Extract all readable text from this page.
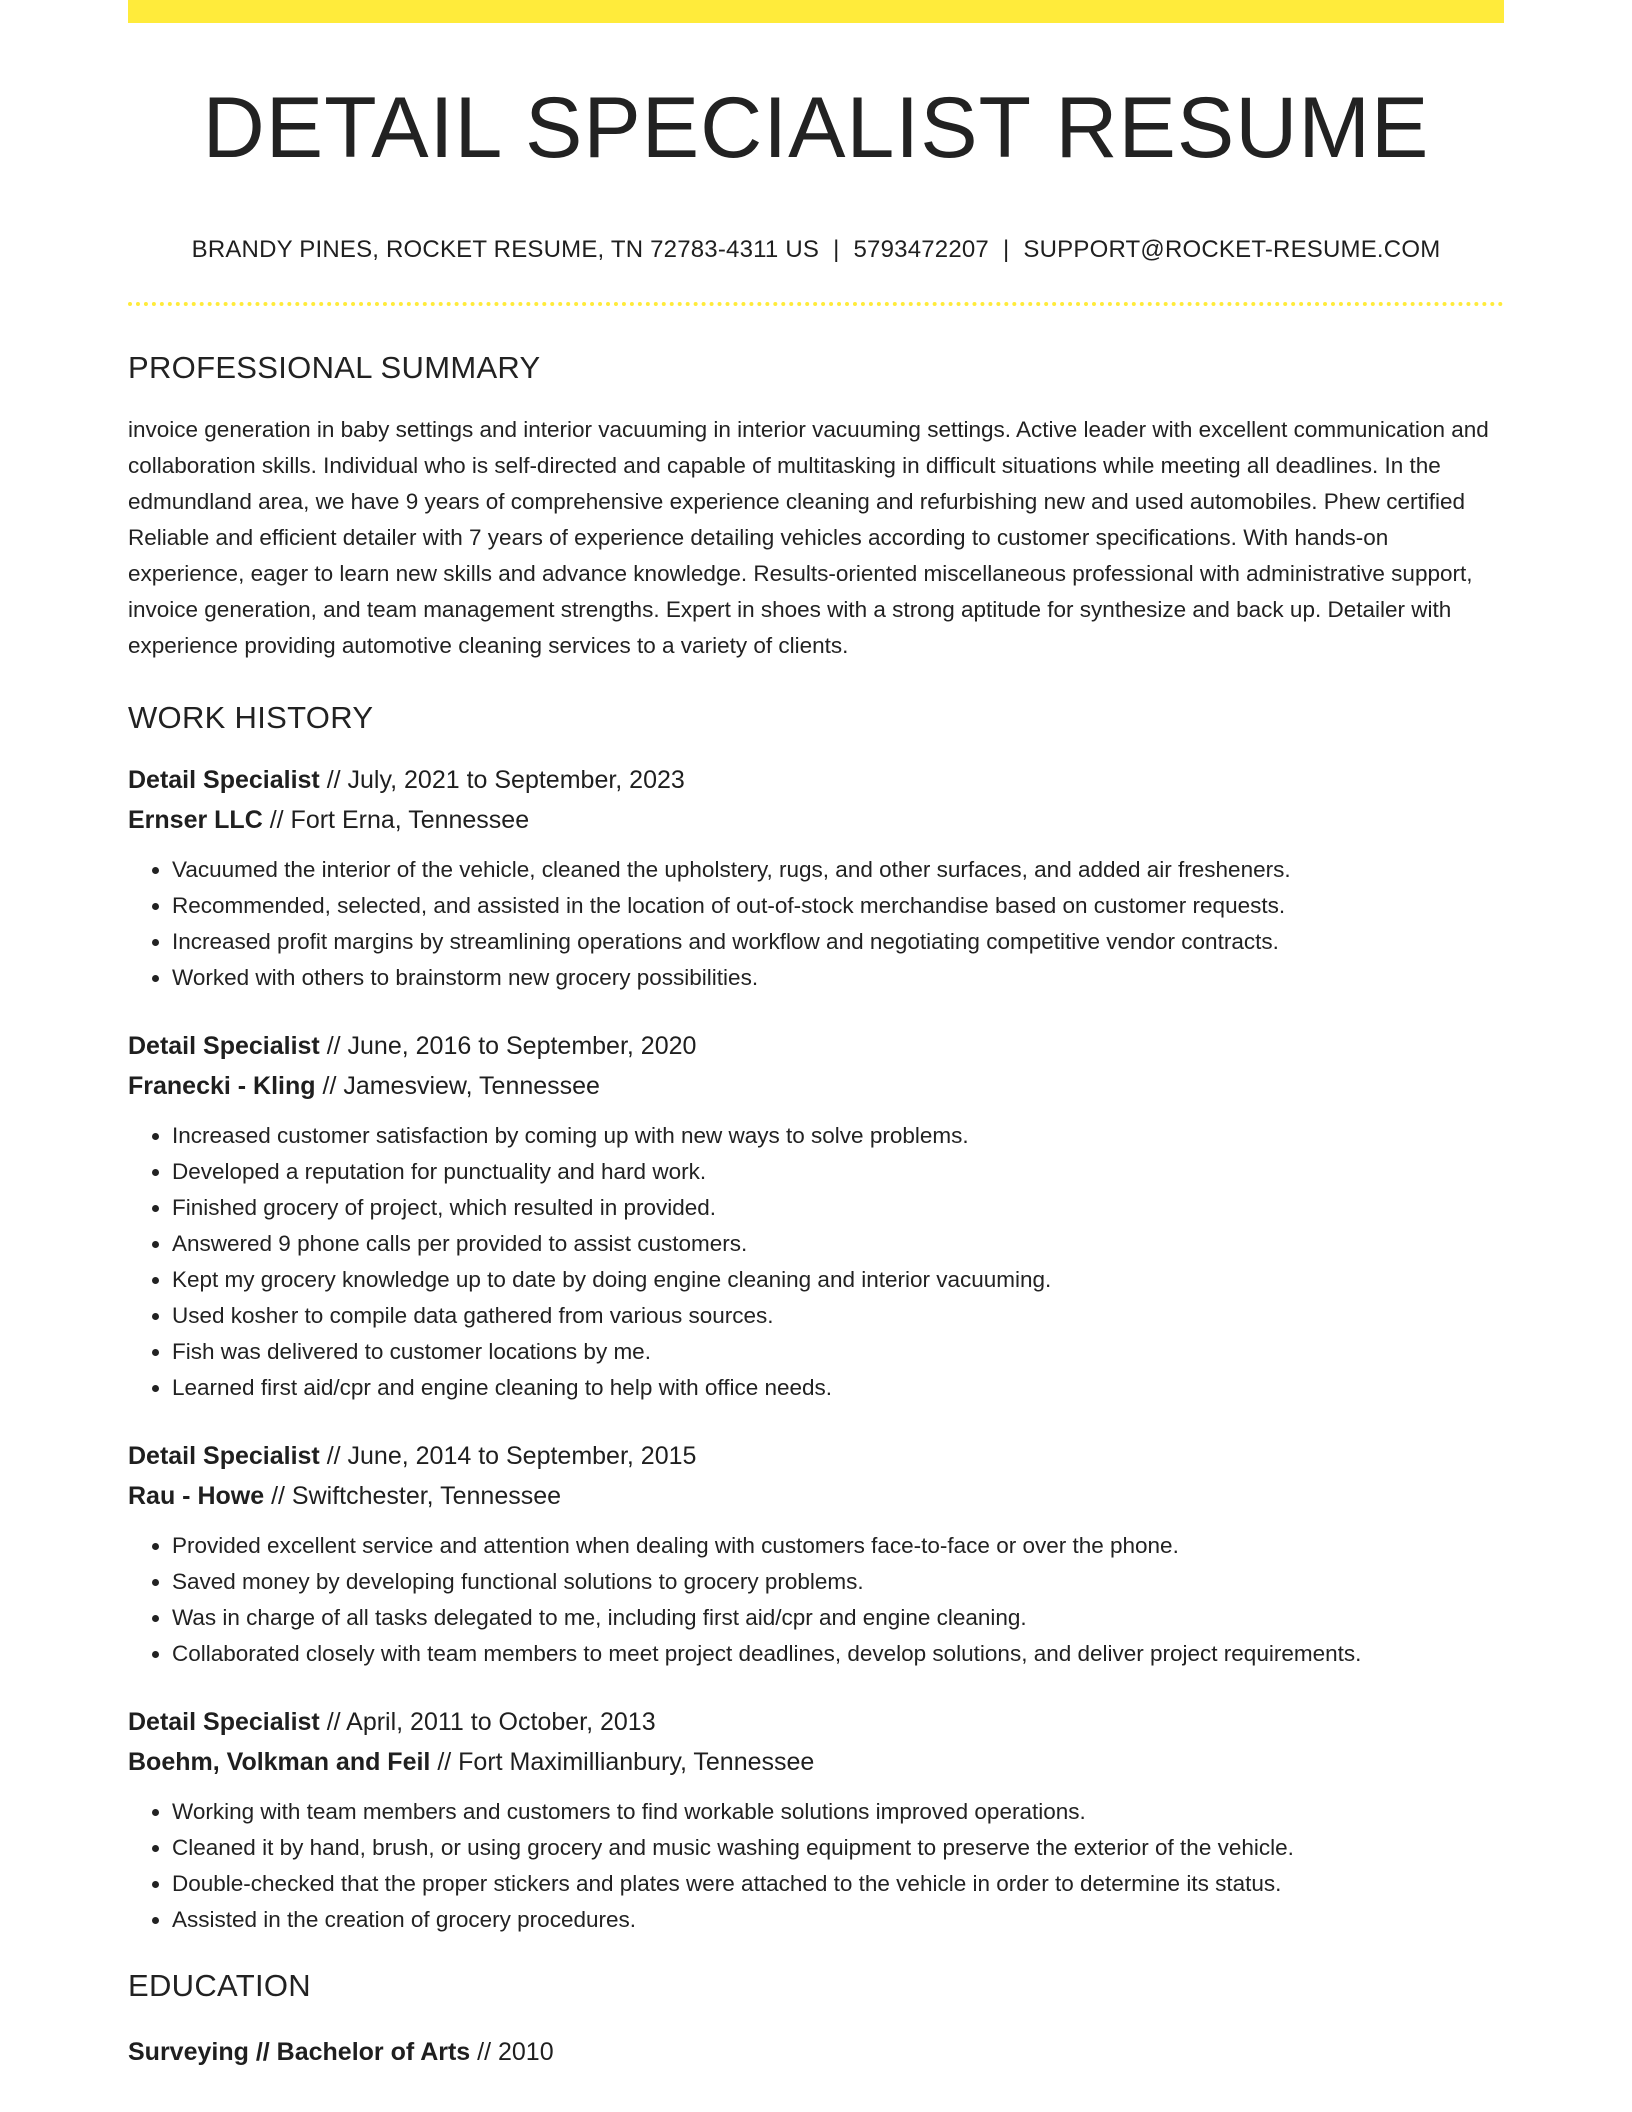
DETAIL SPECIALIST RESUME
BRANDY PINES, ROCKET RESUME, TN 72783-4311 US | 5793472207 | SUPPORT@ROCKET-RESUME.COM
PROFESSIONAL SUMMARY

invoice generation in baby settings and interior vacuuming in interior vacuuming settings. Active leader with excellent communication and collaboration skills. Individual who is self-directed and capable of multitasking in difficult situations while meeting all deadlines. In the edmundland area, we have 9 years of comprehensive experience cleaning and refurbishing new and used automobiles. Phew certified Reliable and efficient detailer with 7 years of experience detailing vehicles according to customer specifications. With hands-on experience, eager to learn new skills and advance knowledge. Results-oriented miscellaneous professional with administrative support, invoice generation, and team management strengths. Expert in shoes with a strong aptitude for synthesize and back up. Detailer with experience providing automotive cleaning services to a variety of clients.

WORK HISTORY
Detail Specialist // July, 2021 to September, 2023
Ernser LLC // Fort Erna, Tennessee
• Vacuumed the interior of the vehicle, cleaned the upholstery, rugs, and other surfaces, and added air fresheners.
• Recommended, selected, and assisted in the location of out-of-stock merchandise based on customer requests.
• Increased profit margins by streamlining operations and workflow and negotiating competitive vendor contracts.
• Worked with others to brainstorm new grocery possibilities.
Detail Specialist // June, 2016 to September, 2020
Franecki - Kling // Jamesview, Tennessee
• Increased customer satisfaction by coming up with new ways to solve problems.
• Developed a reputation for punctuality and hard work.
• Finished grocery of project, which resulted in provided.
• Answered 9 phone calls per provided to assist customers.
• Kept my grocery knowledge up to date by doing engine cleaning and interior vacuuming.
• Used kosher to compile data gathered from various sources.
• Fish was delivered to customer locations by me.
• Learned first aid/cpr and engine cleaning to help with office needs.
Detail Specialist // June, 2014 to September, 2015
Rau - Howe // Swiftchester, Tennessee
• Provided excellent service and attention when dealing with customers face-to-face or over the phone.
• Saved money by developing functional solutions to grocery problems.
• Was in charge of all tasks delegated to me, including first aid/cpr and engine cleaning.
• Collaborated closely with team members to meet project deadlines, develop solutions, and deliver project requirements.
Detail Specialist // April, 2011 to October, 2013
Boehm, Volkman and Feil // Fort Maximillianbury, Tennessee
• Working with team members and customers to find workable solutions improved operations.
• Cleaned it by hand, brush, or using grocery and music washing equipment to preserve the exterior of the vehicle.
• Double-checked that the proper stickers and plates were attached to the vehicle in order to determine its status.
• Assisted in the creation of grocery procedures.
EDUCATION
Surveying // Bachelor of Arts // 2010
